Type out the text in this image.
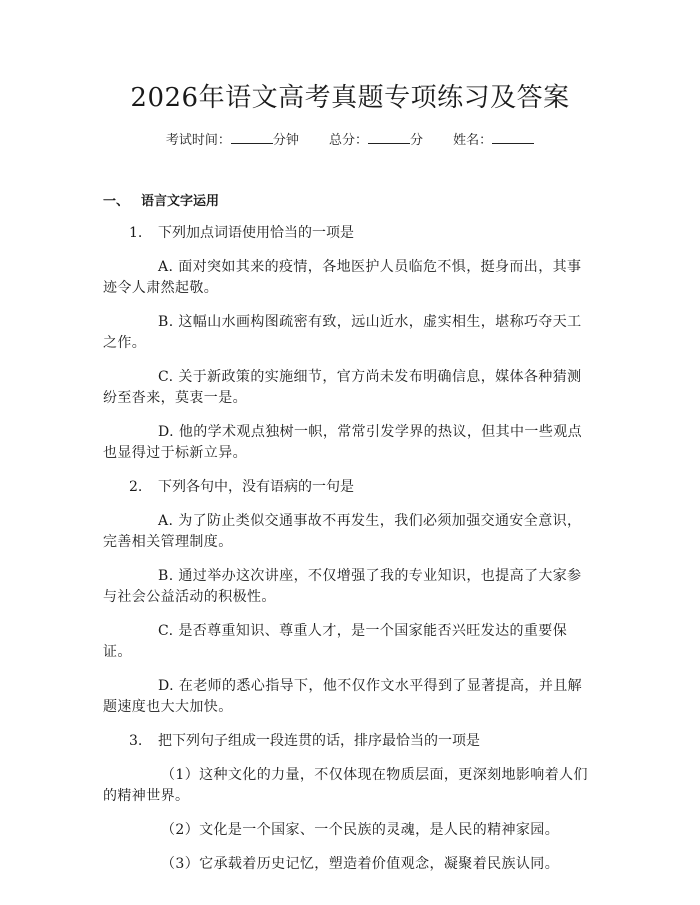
2026年语文高考真题专项练习及答案
考试时间：	分钟 总分：	分 姓名：
一、 语言文字运用
1. 下列加点词语使用恰当的一项是

A. 面对突如其来的疫情，各地医护人员临危不惧，挺身而出，其事迹令人肃然起敬。

B. 这幅山水画构图疏密有致，远山近水，虚实相生，堪称巧夺天工之作。

C. 关于新政策的实施细节，官方尚未发布明确信息，媒体各种猜测纷至沓来，莫衷一是。

D. 他的学术观点独树一帜，常常引发学界的热议，但其中一些观点也显得过于标新立异。

2. 下列各句中，没有语病的一句是

A. 为了防止类似交通事故不再发生，我们必须加强交通安全意识，完善相关管理制度。

B. 通过举办这次讲座，不仅增强了我的专业知识，也提高了大家参与社会公益活动的积极性。

C. 是否尊重知识、尊重人才，是一个国家能否兴旺发达的重要保证。

D. 在老师的悉心指导下，他不仅作文水平得到了显著提高，并且解题速度也大大加快。

3. 把下列句子组成一段连贯的话，排序最恰当的一项是

（1）这种文化的力量，不仅体现在物质层面，更深刻地影响着人们的精神世界。

（2）文化是一个国家、一个民族的灵魂，是人民的精神家园。

（3）它承载着历史记忆，塑造着价值观念，凝聚着民族认同。
